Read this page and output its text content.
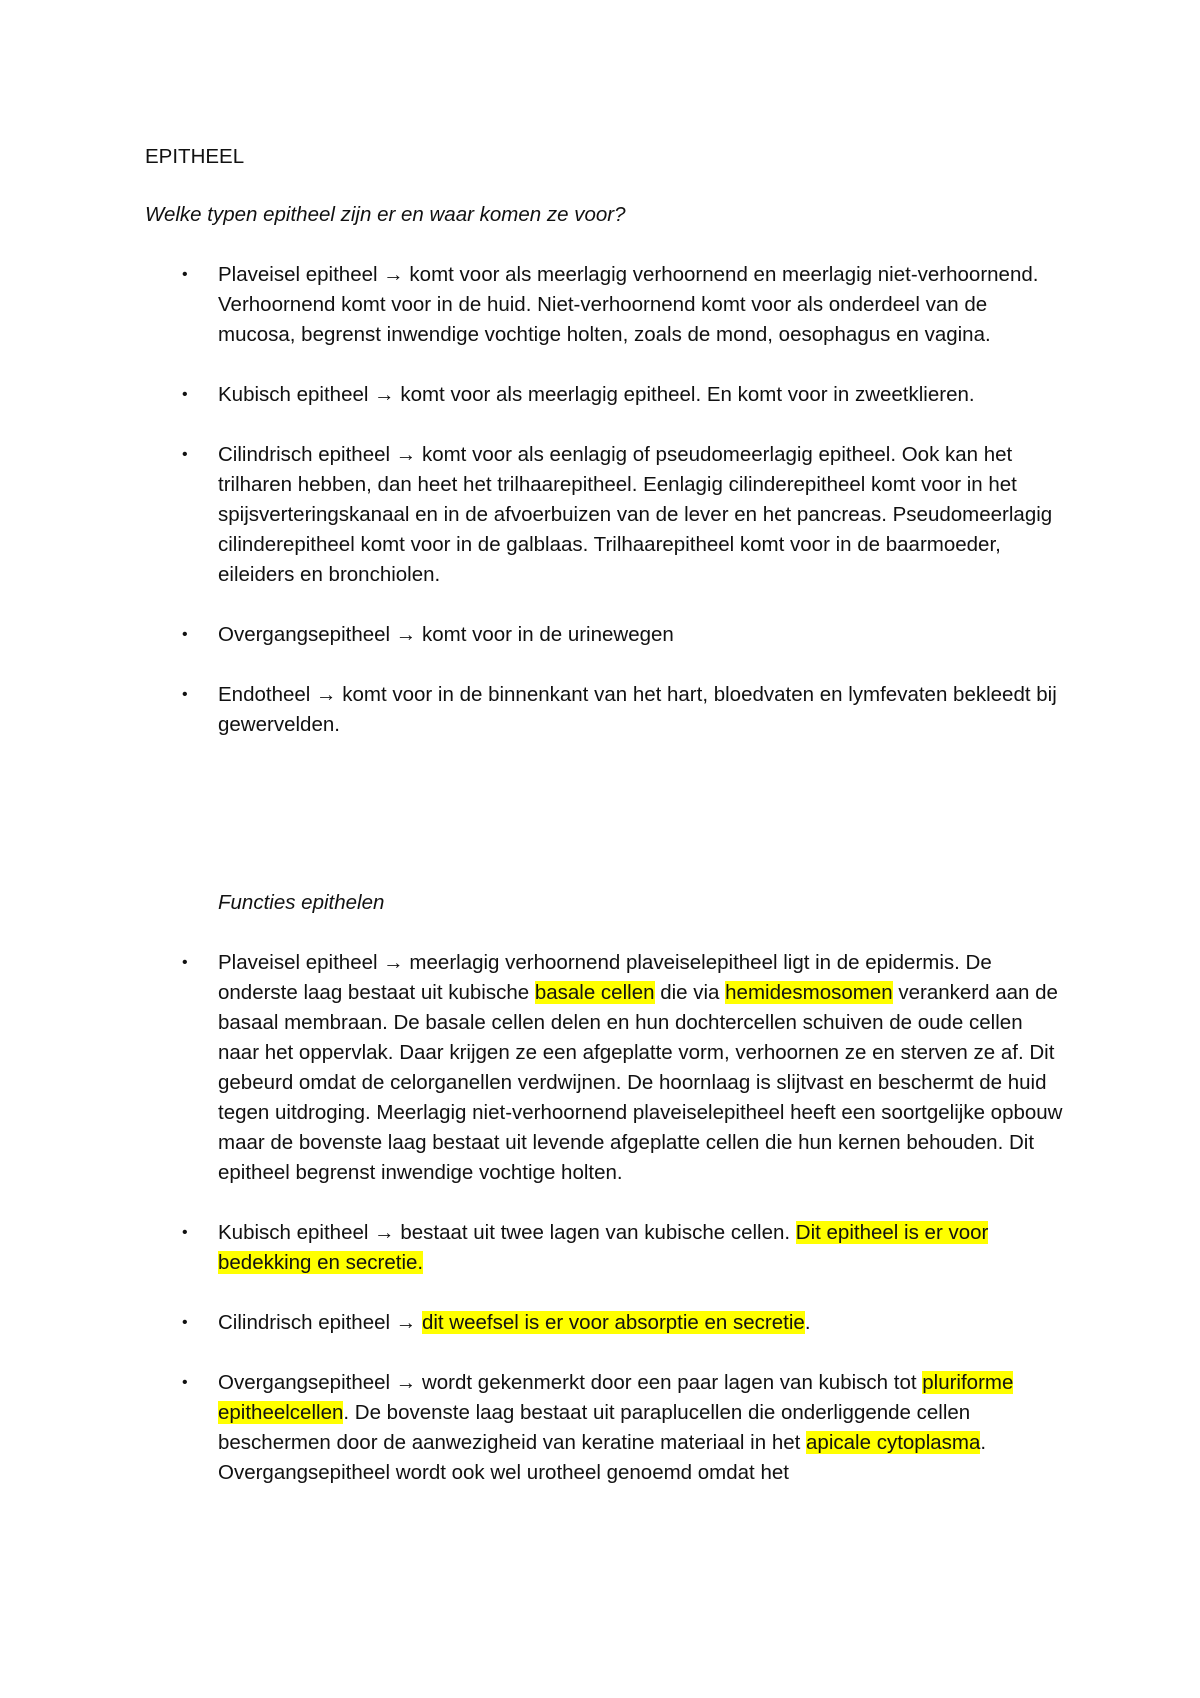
EPITHEEL

Welke typen epitheel zijn er en waar komen ze voor?

• Plaveisel epitheel → komt voor als meerlagig verhoornend en meerlagig niet-verhoornend. Verhoornend komt voor in de huid. Niet-verhoornend komt voor als onderdeel van de mucosa, begrenst inwendige vochtige holten, zoals de mond, oesophagus en vagina.
• Kubisch epitheel → komt voor als meerlagig epitheel. En komt voor in zweetklieren.
• Cilindrisch epitheel → komt voor als eenlagig of pseudomeerlagig epitheel. Ook kan het trilharen hebben, dan heet het trilhaarepitheel. Eenlagig cilinderepitheel komt voor in het spijsverteringskanaal en in de afvoerbuizen van de lever en het pancreas. Pseudomeerlagig cilinderepitheel komt voor in de galblaas. Trilhaarepitheel komt voor in de baarmoeder, eileiders en bronchiolen.
• Overgangsepitheel → komt voor in de urinewegen
• Endotheel → komt voor in de binnenkant van het hart, bloedvaten en lymfevaten bekleedt bij gewervelden.

Functies epithelen

• Plaveisel epitheel → meerlagig verhoornend plaveiselepitheel ligt in de epidermis. De onderste laag bestaat uit kubische basale cellen die via hemidesmosomen verankerd aan de basaal membraan. De basale cellen delen en hun dochtercellen schuiven de oude cellen naar het oppervlak. Daar krijgen ze een afgeplatte vorm, verhoornen ze en sterven ze af. Dit gebeurd omdat de celorganellen verdwijnen. De hoornlaag is slijtvast en beschermt de huid tegen uitdroging. Meerlagig niet-verhoornend plaveiselepitheel heeft een soortgelijke opbouw maar de bovenste laag bestaat uit levende afgeplatte cellen die hun kernen behouden. Dit epitheel begrenst inwendige vochtige holten.
• Kubisch epitheel → bestaat uit twee lagen van kubische cellen. Dit epitheel is er voor bedekking en secretie.
• Cilindrisch epitheel → dit weefsel is er voor absorptie en secretie.
• Overgangsepitheel → wordt gekenmerkt door een paar lagen van kubisch tot pluriforme epitheelcellen. De bovenste laag bestaat uit paraplucellen die onderliggende cellen beschermen door de aanwezigheid van keratine materiaal in het apicale cytoplasma. Overgangsepitheel wordt ook wel urotheel genoemd omdat het
